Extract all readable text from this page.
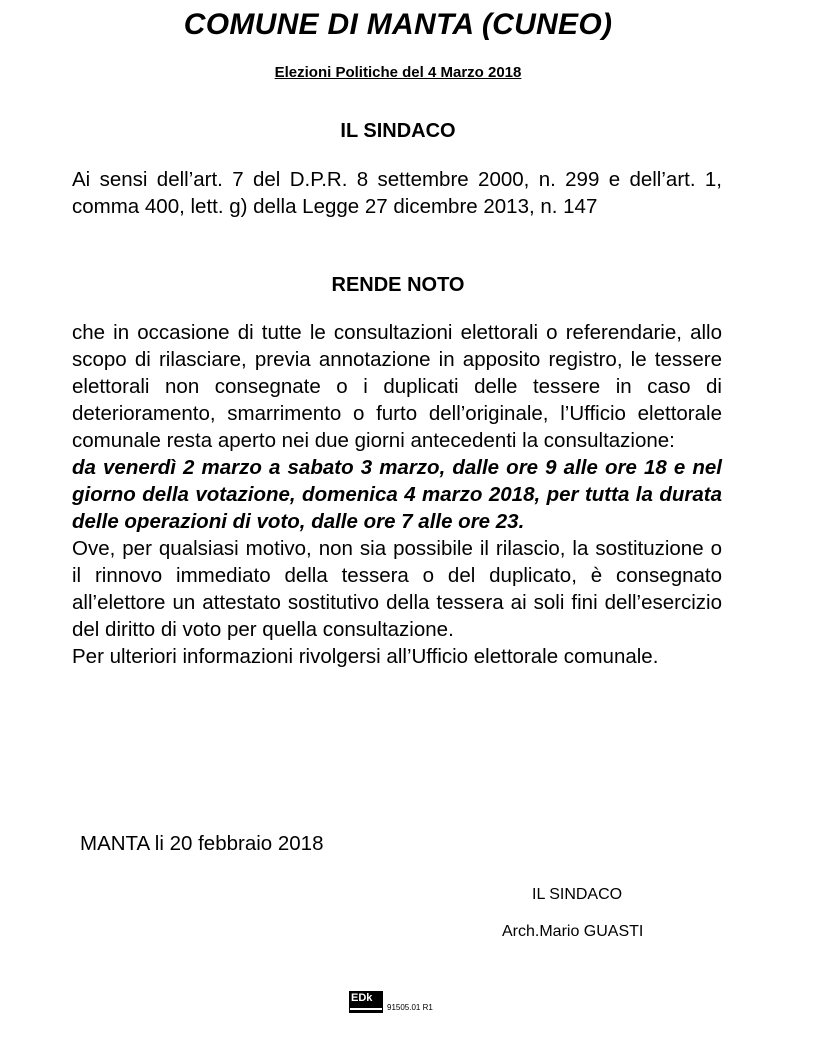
COMUNE DI MANTA (CUNEO)
Elezioni Politiche del 4 Marzo 2018
IL SINDACO
Ai sensi dell’art. 7 del D.P.R. 8 settembre 2000, n. 299 e dell’art. 1, comma 400, lett. g) della Legge 27 dicembre 2013, n. 147
RENDE NOTO
che in occasione di tutte le consultazioni elettorali o referendarie, allo scopo di rilasciare, previa annotazione in apposito registro, le tessere elettorali non consegnate o i duplicati delle tessere in caso di deterioramento, smarrimento o furto dell’originale, l’Ufficio elettorale comunale resta aperto nei due giorni antecedenti la consultazione:
da venerdì 2 marzo a sabato 3 marzo, dalle ore 9 alle ore 18 e nel giorno della votazione, domenica 4 marzo 2018, per tutta la durata delle operazioni di voto, dalle ore 7 alle ore 23.
Ove, per qualsiasi motivo, non sia possibile il rilascio, la sostituzione o il rinnovo immediato della tessera o del duplicato, è consegnato all’elettore un attestato sostitutivo della tessera ai soli fini dell’esercizio del diritto di voto per quella consultazione.
Per ulteriori informazioni rivolgersi all’Ufficio elettorale comunale.
MANTA li 20 febbraio 2018
IL SINDACO
Arch.Mario GUASTI
EDk
91505.01 R1
